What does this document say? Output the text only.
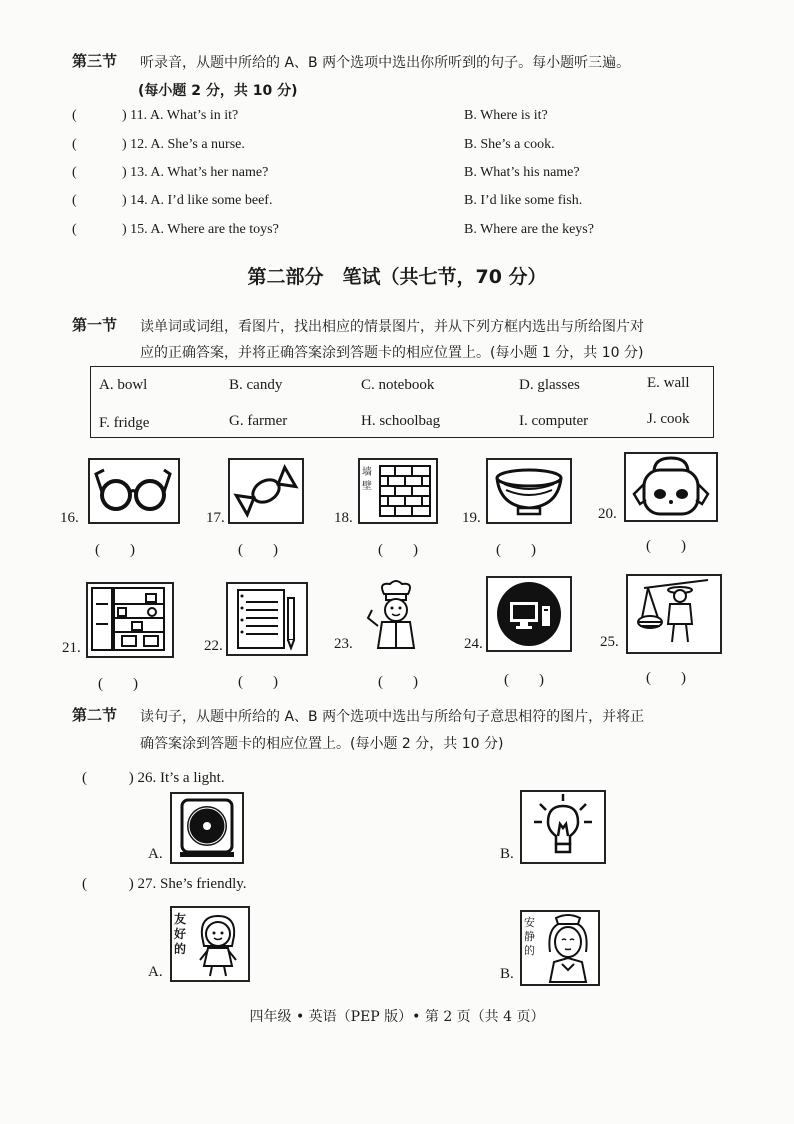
第三节 听录音，从题中所给的 A、B 两个选项中选出你所听到的句子。每小题听三遍。
(每小题 2 分，共 10 分)
(	) 11. A. What’s in it?	B. Where is it?
(	) 12. A. She’s a nurse.	B. She’s a cook.
(	) 13. A. What’s her name?	B. What’s his name?
(	) 14. A. I’d like some beef.	B. I’d like some fish.
(	) 15. A. Where are the toys?	B. Where are the keys?
第二部分　笔试（共七节，70 分）
第一节 读单词或词组，看图片，找出相应的情景图片，并从下列方框内选出与所给图片对
应的正确答案，并将正确答案涂到答题卡的相应位置上。(每小题 1 分，共 10 分)
A. bowl	B. candy	C. notebook	D. glasses	E. wall
F. fridge	G. farmer	H. schoolbag	I. computer	J. cook
16.
(　　)
17.
(　　)
18.
墙壁
(　　)
19.
(　　)
20.
(　　)
21.
(　　)
22.
(　　)
23.
(　　)
24.
(　　)
25.
(　　)
第二节 读句子，从题中所给的 A、B 两个选项中选出与所给句子意思相符的图片，并将正
确答案涂到答题卡的相应位置上。(每小题 2 分，共 10 分)
(	) 26. It’s a light.
A.	B.
(	) 27. She’s friendly.
A.
友好的
B.
安静的
四年级 • 英语（PEP 版）• 第 2 页（共 4 页）
